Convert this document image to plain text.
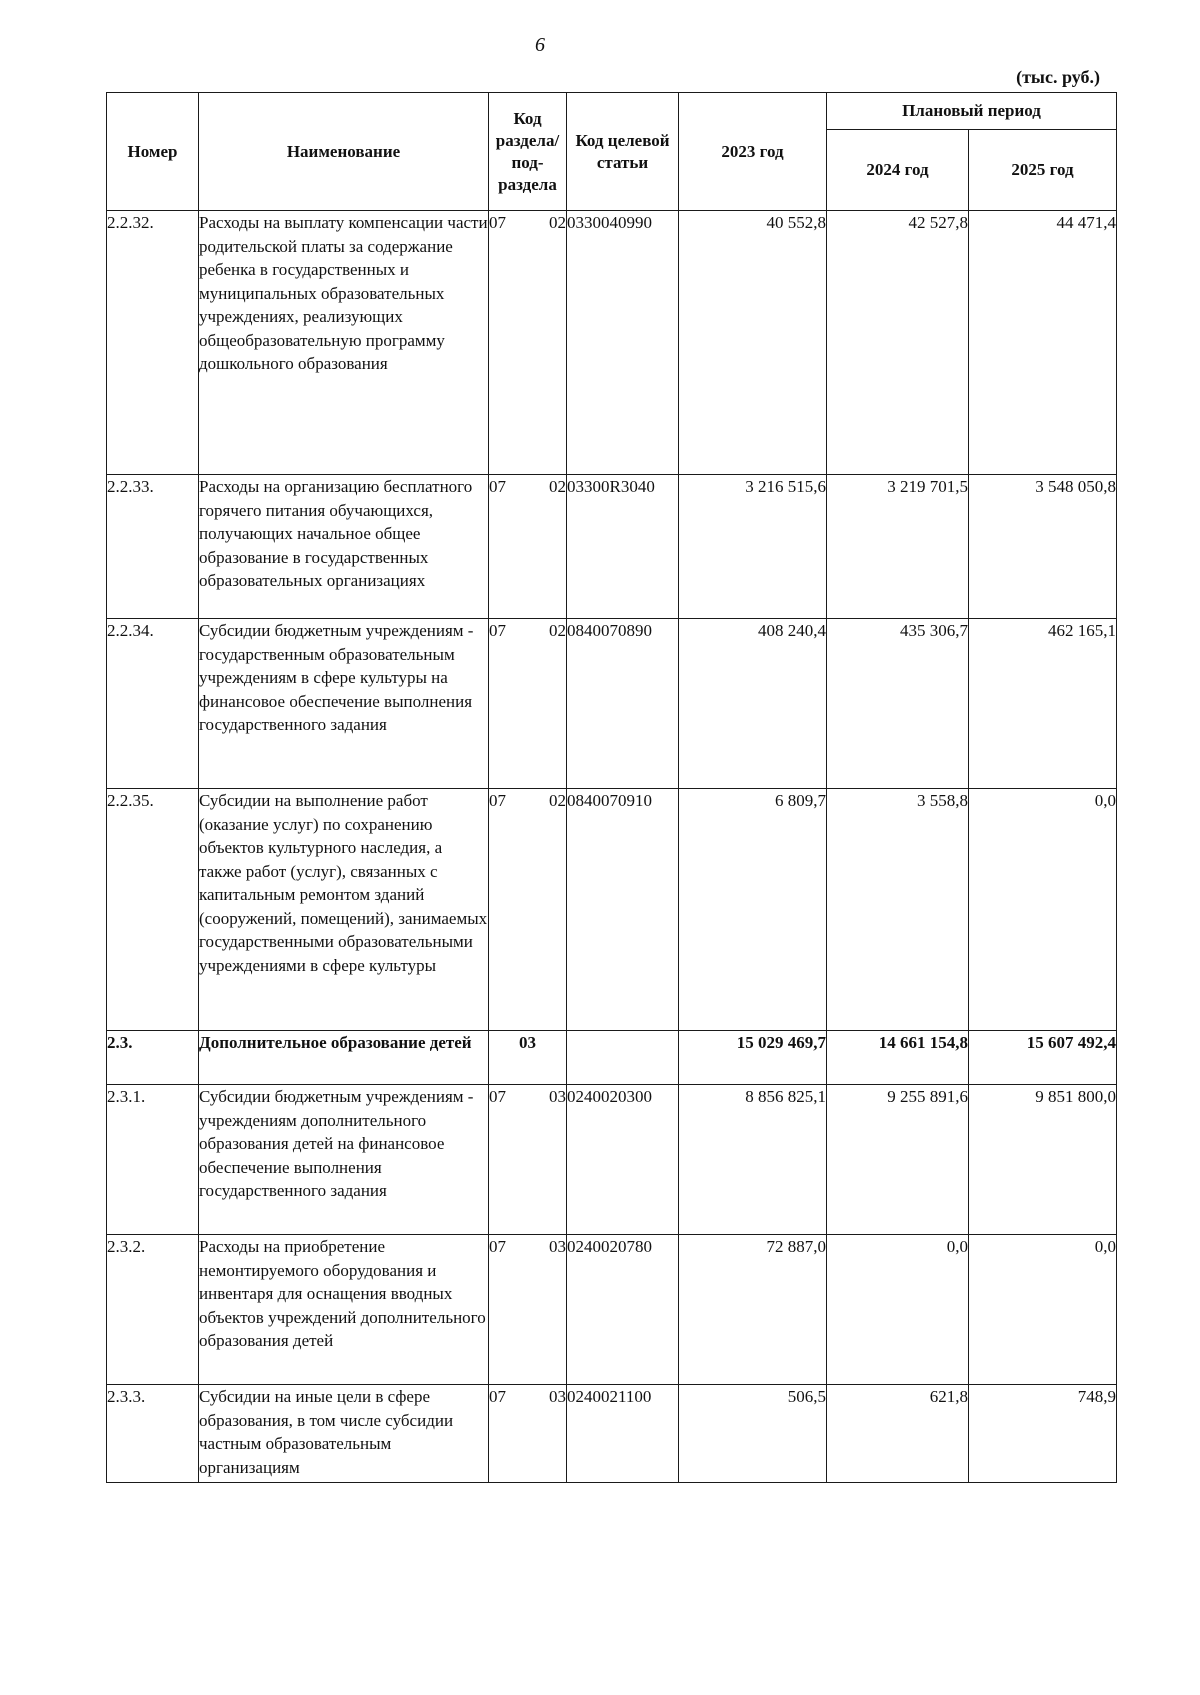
6
(тыс. руб.)
Номер	Наименование	Код раздела/ под- раздела	Код целевой статьи	2023 год	Плановый период	
					2024 год	2025 год
2.2.32.	Расходы на выплату компенсации части родительской платы за содержание ребенка в государственных и муниципальных образовательных учреждениях, реализующих общеобразовательную программу дошкольного образования	07 02	0330040990	40 552,8	42 527,8	44 471,4
2.2.33.	Расходы на организацию бесплатного горячего питания обучающихся, получающих начальное общее образование в государственных образовательных организациях	07 02	03300R3040	3 216 515,6	3 219 701,5	3 548 050,8
2.2.34.	Субсидии бюджетным учреждениям - государственным образовательным учреждениям в сфере культуры на финансовое обеспечение выполнения государственного задания	07 02	0840070890	408 240,4	435 306,7	462 165,1
2.2.35.	Субсидии на выполнение работ (оказание услуг) по сохранению объектов культурного наследия, а также работ (услуг), связанных с капитальным ремонтом зданий (сооружений, помещений), занимаемых государственными образовательными учреждениями в сфере культуры	07 02	0840070910	6 809,7	3 558,8	0,0
2.3.	Дополнительное образование детей	03		15 029 469,7	14 661 154,8	15 607 492,4
2.3.1.	Субсидии бюджетным учреждениям - учреждениям дополнительного образования детей на финансовое обеспечение выполнения государственного задания	07 03	0240020300	8 856 825,1	9 255 891,6	9 851 800,0
2.3.2.	Расходы на приобретение немонтируемого оборудования и инвентаря для оснащения вводных объектов учреждений дополнительного образования детей	07 03	0240020780	72 887,0	0,0	0,0
2.3.3.	Субсидии на иные цели в сфере образования, в том числе субсидии частным образовательным организациям	07 03	0240021100	506,5	621,8	748,9
